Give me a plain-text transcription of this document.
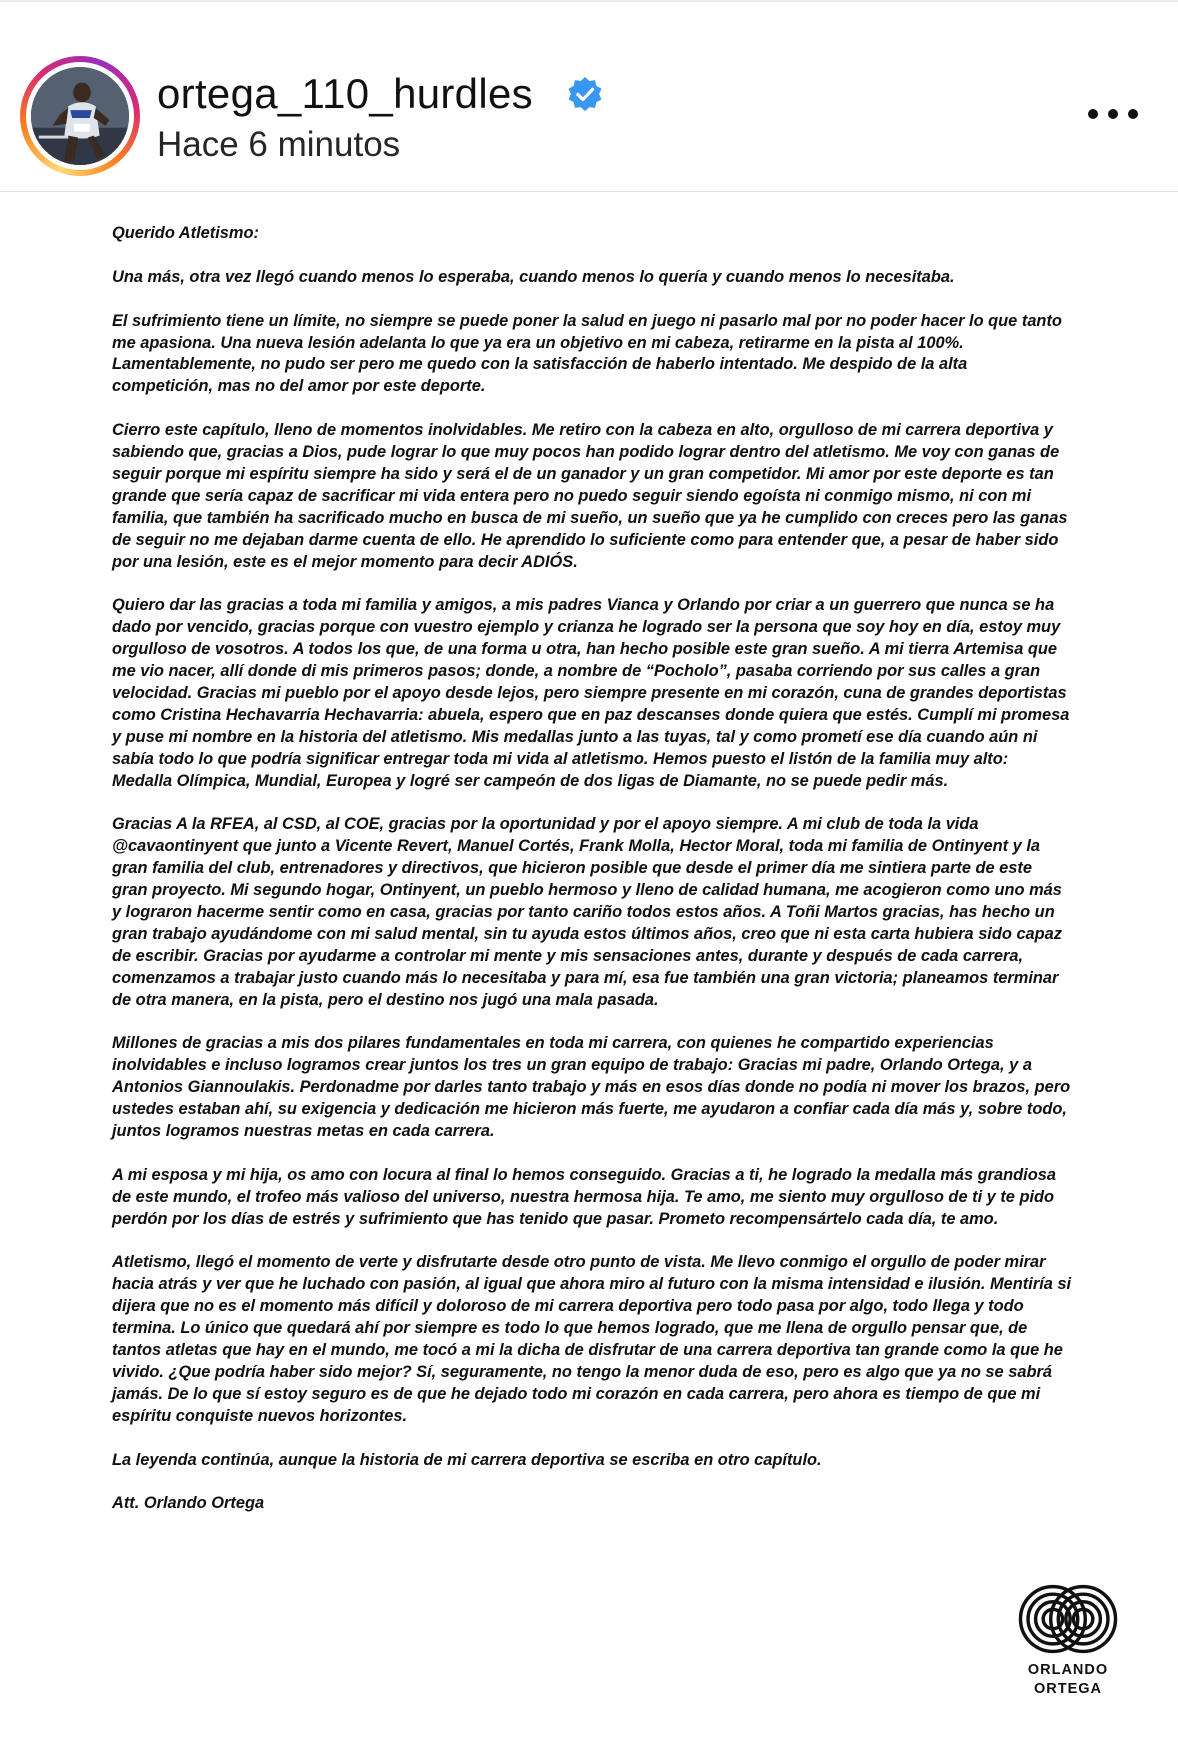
ortega_110_hurdles
Hace 6 minutos

Querido Atletismo:

Una más, otra vez llegó cuando menos lo esperaba, cuando menos lo quería y cuando menos lo necesitaba.

El sufrimiento tiene un límite, no siempre se puede poner la salud en juego ni pasarlo mal por no poder hacer lo que tanto me apasiona. Una nueva lesión adelanta lo que ya era un objetivo en mi cabeza, retirarme en la pista al 100%. Lamentablemente, no pudo ser pero me quedo con la satisfacción de haberlo intentado. Me despido de la alta competición, mas no del amor por este deporte.

Cierro este capítulo, lleno de momentos inolvidables. Me retiro con la cabeza en alto, orgulloso de mi carrera deportiva y sabiendo que, gracias a Dios, pude lograr lo que muy pocos han podido lograr dentro del atletismo. Me voy con ganas de seguir porque mi espíritu siempre ha sido y será el de un ganador y un gran competidor. Mi amor por este deporte es tan grande que sería capaz de sacrificar mi vida entera pero no puedo seguir siendo egoísta ni conmigo mismo, ni con mi familia, que también ha sacrificado mucho en busca de mi sueño, un sueño que ya he cumplido con creces pero las ganas de seguir no me dejaban darme cuenta de ello. He aprendido lo suficiente como para entender que, a pesar de haber sido por una lesión, este es el mejor momento para decir ADIÓS.

Quiero dar las gracias a toda mi familia y amigos, a mis padres Vianca y Orlando por criar a un guerrero que nunca se ha dado por vencido, gracias porque con vuestro ejemplo y crianza he logrado ser la persona que soy hoy en día, estoy muy orgulloso de vosotros. A todos los que, de una forma u otra, han hecho posible este gran sueño. A mi tierra Artemisa que me vio nacer, allí donde di mis primeros pasos; donde, a nombre de “Pocholo”, pasaba corriendo por sus calles a gran velocidad. Gracias mi pueblo por el apoyo desde lejos, pero siempre presente en mi corazón, cuna de grandes deportistas como Cristina Hechavarria Hechavarria: abuela, espero que en paz descanses donde quiera que estés. Cumplí mi promesa y puse mi nombre en la historia del atletismo. Mis medallas junto a las tuyas, tal y como prometí ese día cuando aún ni sabía todo lo que podría significar entregar toda mi vida al atletismo. Hemos puesto el listón de la familia muy alto: Medalla Olímpica, Mundial, Europea y logré ser campeón de dos ligas de Diamante, no se puede pedir más.

Gracias A la RFEA, al CSD, al COE, gracias por la oportunidad y por el apoyo siempre. A mi club de toda la vida @cavaontinyent que junto a Vicente Revert, Manuel Cortés, Frank Molla, Hector Moral, toda mi familia de Ontinyent y la gran familia del club, entrenadores y directivos, que hicieron posible que desde el primer día me sintiera parte de este gran proyecto. Mi segundo hogar, Ontinyent, un pueblo hermoso y lleno de calidad humana, me acogieron como uno más y lograron hacerme sentir como en casa, gracias por tanto cariño todos estos años. A Toñi Martos gracias, has hecho un gran trabajo ayudándome con mi salud mental, sin tu ayuda estos últimos años, creo que ni esta carta hubiera sido capaz de escribir. Gracias por ayudarme a controlar mi mente y mis sensaciones antes, durante y después de cada carrera, comenzamos a trabajar justo cuando más lo necesitaba y para mí, esa fue también una gran victoria; planeamos terminar de otra manera, en la pista, pero el destino nos jugó una mala pasada.

Millones de gracias a mis dos pilares fundamentales en toda mi carrera, con quienes he compartido experiencias inolvidables e incluso logramos crear juntos los tres un gran equipo de trabajo: Gracias mi padre, Orlando Ortega, y a Antonios Giannoulakis. Perdonadme por darles tanto trabajo y más en esos días donde no podía ni mover los brazos, pero ustedes estaban ahí, su exigencia y dedicación me hicieron más fuerte, me ayudaron a confiar cada día más y, sobre todo, juntos logramos nuestras metas en cada carrera.

A mi esposa y mi hija, os amo con locura al final lo hemos conseguido. Gracias a ti, he logrado la medalla más grandiosa de este mundo, el trofeo más valioso del universo, nuestra hermosa hija. Te amo, me siento muy orgulloso de ti y te pido perdón por los días de estrés y sufrimiento que has tenido que pasar. Prometo recompensártelo cada día, te amo.

Atletismo, llegó el momento de verte y disfrutarte desde otro punto de vista. Me llevo conmigo el orgullo de poder mirar hacia atrás y ver que he luchado con pasión, al igual que ahora miro al futuro con la misma intensidad e ilusión. Mentiría si dijera que no es el momento más difícil y doloroso de mi carrera deportiva pero todo pasa por algo, todo llega y todo termina. Lo único que quedará ahí por siempre es todo lo que hemos logrado, que me llena de orgullo pensar que, de tantos atletas que hay en el mundo, me tocó a mi la dicha de disfrutar de una carrera deportiva tan grande como la que he vivido. ¿Que podría haber sido mejor? Sí, seguramente, no tengo la menor duda de eso, pero es algo que ya no se sabrá jamás. De lo que sí estoy seguro es de que he dejado todo mi corazón en cada carrera, pero ahora es tiempo de que mi espíritu conquiste nuevos horizontes.

La leyenda continúa, aunque la historia de mi carrera deportiva se escriba en otro capítulo.

Att. Orlando Ortega

ORLANDO
ORTEGA
